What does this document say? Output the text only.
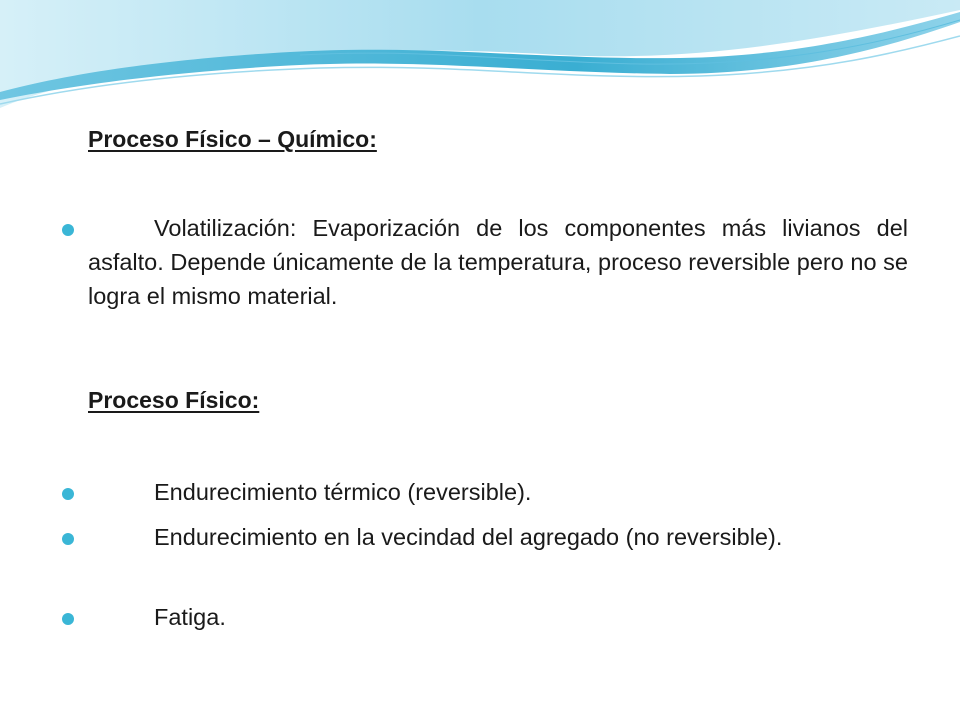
Proceso Físico – Químico:

Volatilización: Evaporización de los componentes más livianos del asfalto. Depende únicamente de la temperatura, proceso reversible pero no se logra el mismo material.

Proceso Físico:

Endurecimiento térmico (reversible).

Endurecimiento en la vecindad del agregado (no reversible).

Fatiga.
